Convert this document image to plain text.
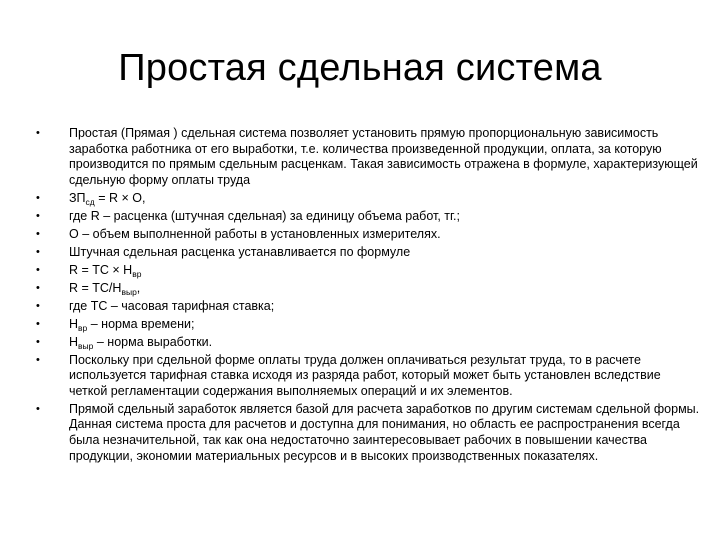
Простая сдельная система
•	Простая (Прямая ) сдельная система позволяет установить прямую пропорциональную зависимость заработка работника от его выработки, т.е. количества произведенной продукции, оплата, за которую производится по прямым сдельным расценкам. Такая зависимость отражена в формуле, характеризующей сдельную форму оплаты труда
•	$ЗП_{сд} = R \times O$,
•	где R – расценка (штучная сдельная) за единицу объема работ, тг.;
•	О – объем выполненной работы в установленных измерителях.
•	Штучная сдельная расценка устанавливается по формуле
•	R = ТС × $Н_{вр}$
•	$R = ТС/Н_{выр}$,
•	где ТС – часовая тарифная ставка;
•	$Н_{вр}$ – норма времени;
•	$Н_{выр}$ – норма выработки.
•	Поскольку при сдельной форме оплаты труда должен оплачиваться результат труда, то в расчете используется тарифная ставка исходя из разряда работ, который может быть установлен вследствие четкой регламентации содержания выполняемых операций и их элементов.
•	Прямой сдельный заработок является базой для расчета заработков по другим системам сдельной формы. Данная система проста для расчетов и доступна для понимания, но область ее распространения всегда была незначительной, так как она недостаточно заинтересовывает рабочих в повышении качества продукции, экономии материальных ресурсов и в высоких производственных показателях.
